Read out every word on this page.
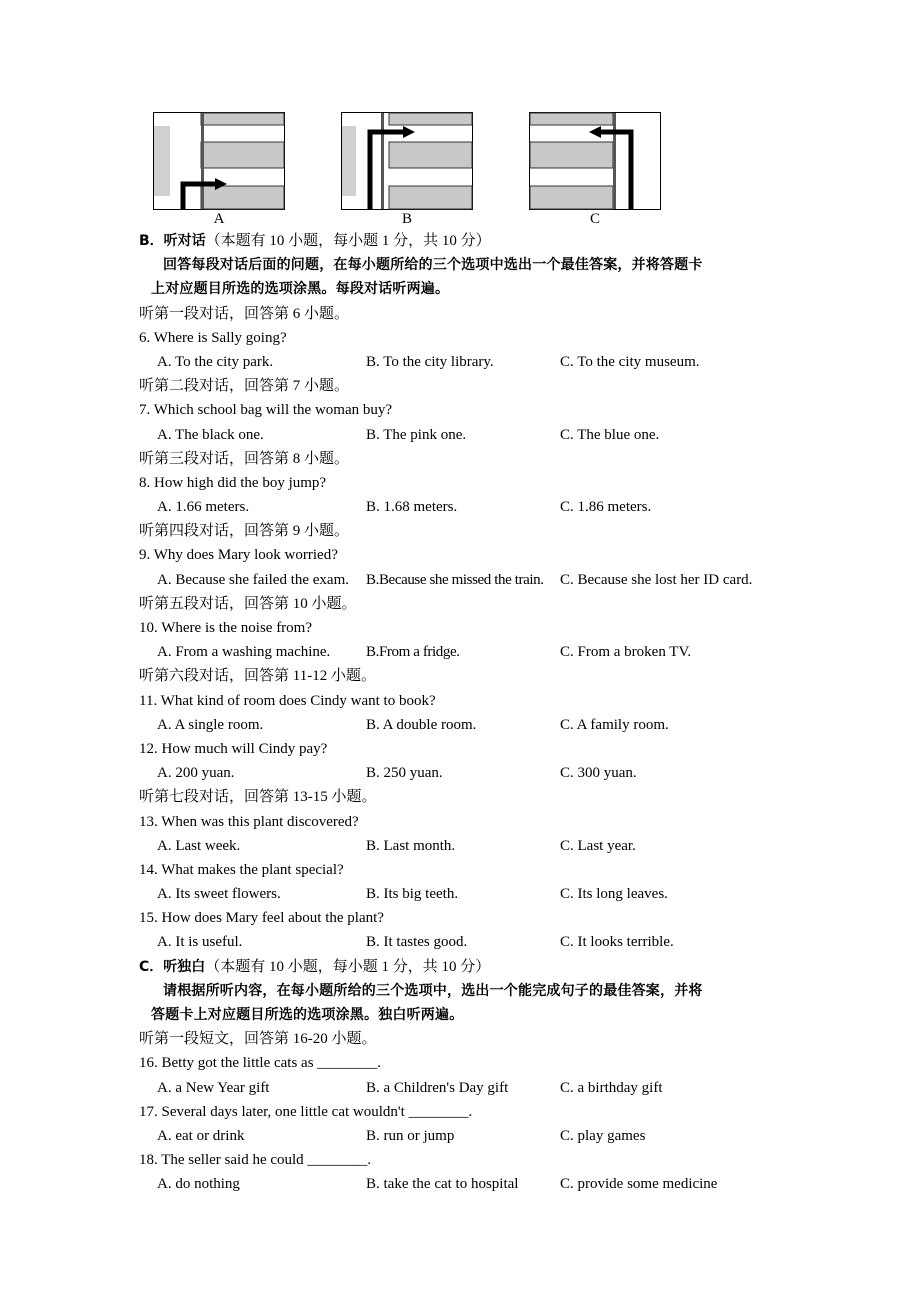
A	B	C
B．听对话（本题有 10 小题，每小题 1 分，共 10 分）
回答每段对话后面的问题，在每小题所给的三个选项中选出一个最佳答案，并将答题卡
上对应题目所选的选项涂黑。每段对话听两遍。
听第一段对话，回答第 6 小题。
6. Where is Sally going?
A. To the city park.	B. To the city library.	C. To the city museum.
听第二段对话，回答第 7 小题。
7. Which school bag will the woman buy?
A. The black one.	B. The pink one.	C. The blue one.
听第三段对话，回答第 8 小题。
8. How high did the boy jump?
A. 1.66 meters.	B. 1.68 meters.	C. 1.86 meters.
听第四段对话，回答第 9 小题。
9. Why does Mary look worried?
A. Because she failed the exam. B.Because she missed the train. C. Because she lost her ID card.
听第五段对话，回答第 10 小题。
10. Where is the noise from?
A. From a washing machine. B.From a fridge.	C. From a broken TV.
听第六段对话，回答第 11-12 小题。
11. What kind of room does Cindy want to book?
A. A single room.	B. A double room.	C. A family room.
12. How much will Cindy pay?
A. 200 yuan.	B. 250 yuan.	C. 300 yuan.
听第七段对话，回答第 13-15 小题。
13. When was this plant discovered?
A. Last week.	B. Last month.	C. Last year.
14. What makes the plant special?
A. Its sweet flowers.	B. Its big teeth.	C. Its long leaves.
15. How does Mary feel about the plant?
A. It is useful.	B. It tastes good.	C. It looks terrible.
C．听独白（本题有 10 小题，每小题 1 分，共 10 分）
请根据所听内容，在每小题所给的三个选项中，选出一个能完成句子的最佳答案，并将
答题卡上对应题目所选的选项涂黑。独白听两遍。
听第一段短文，回答第 16-20 小题。
16. Betty got the little cats as ________.
A. a New Year gift	B. a Children's Day gift	C. a birthday gift
17. Several days later, one little cat wouldn't ________.
A. eat or drink	B. run or jump	C. play games
18. The seller said he could ________.
A. do nothing	B. take the cat to hospital	C. provide some medicine
